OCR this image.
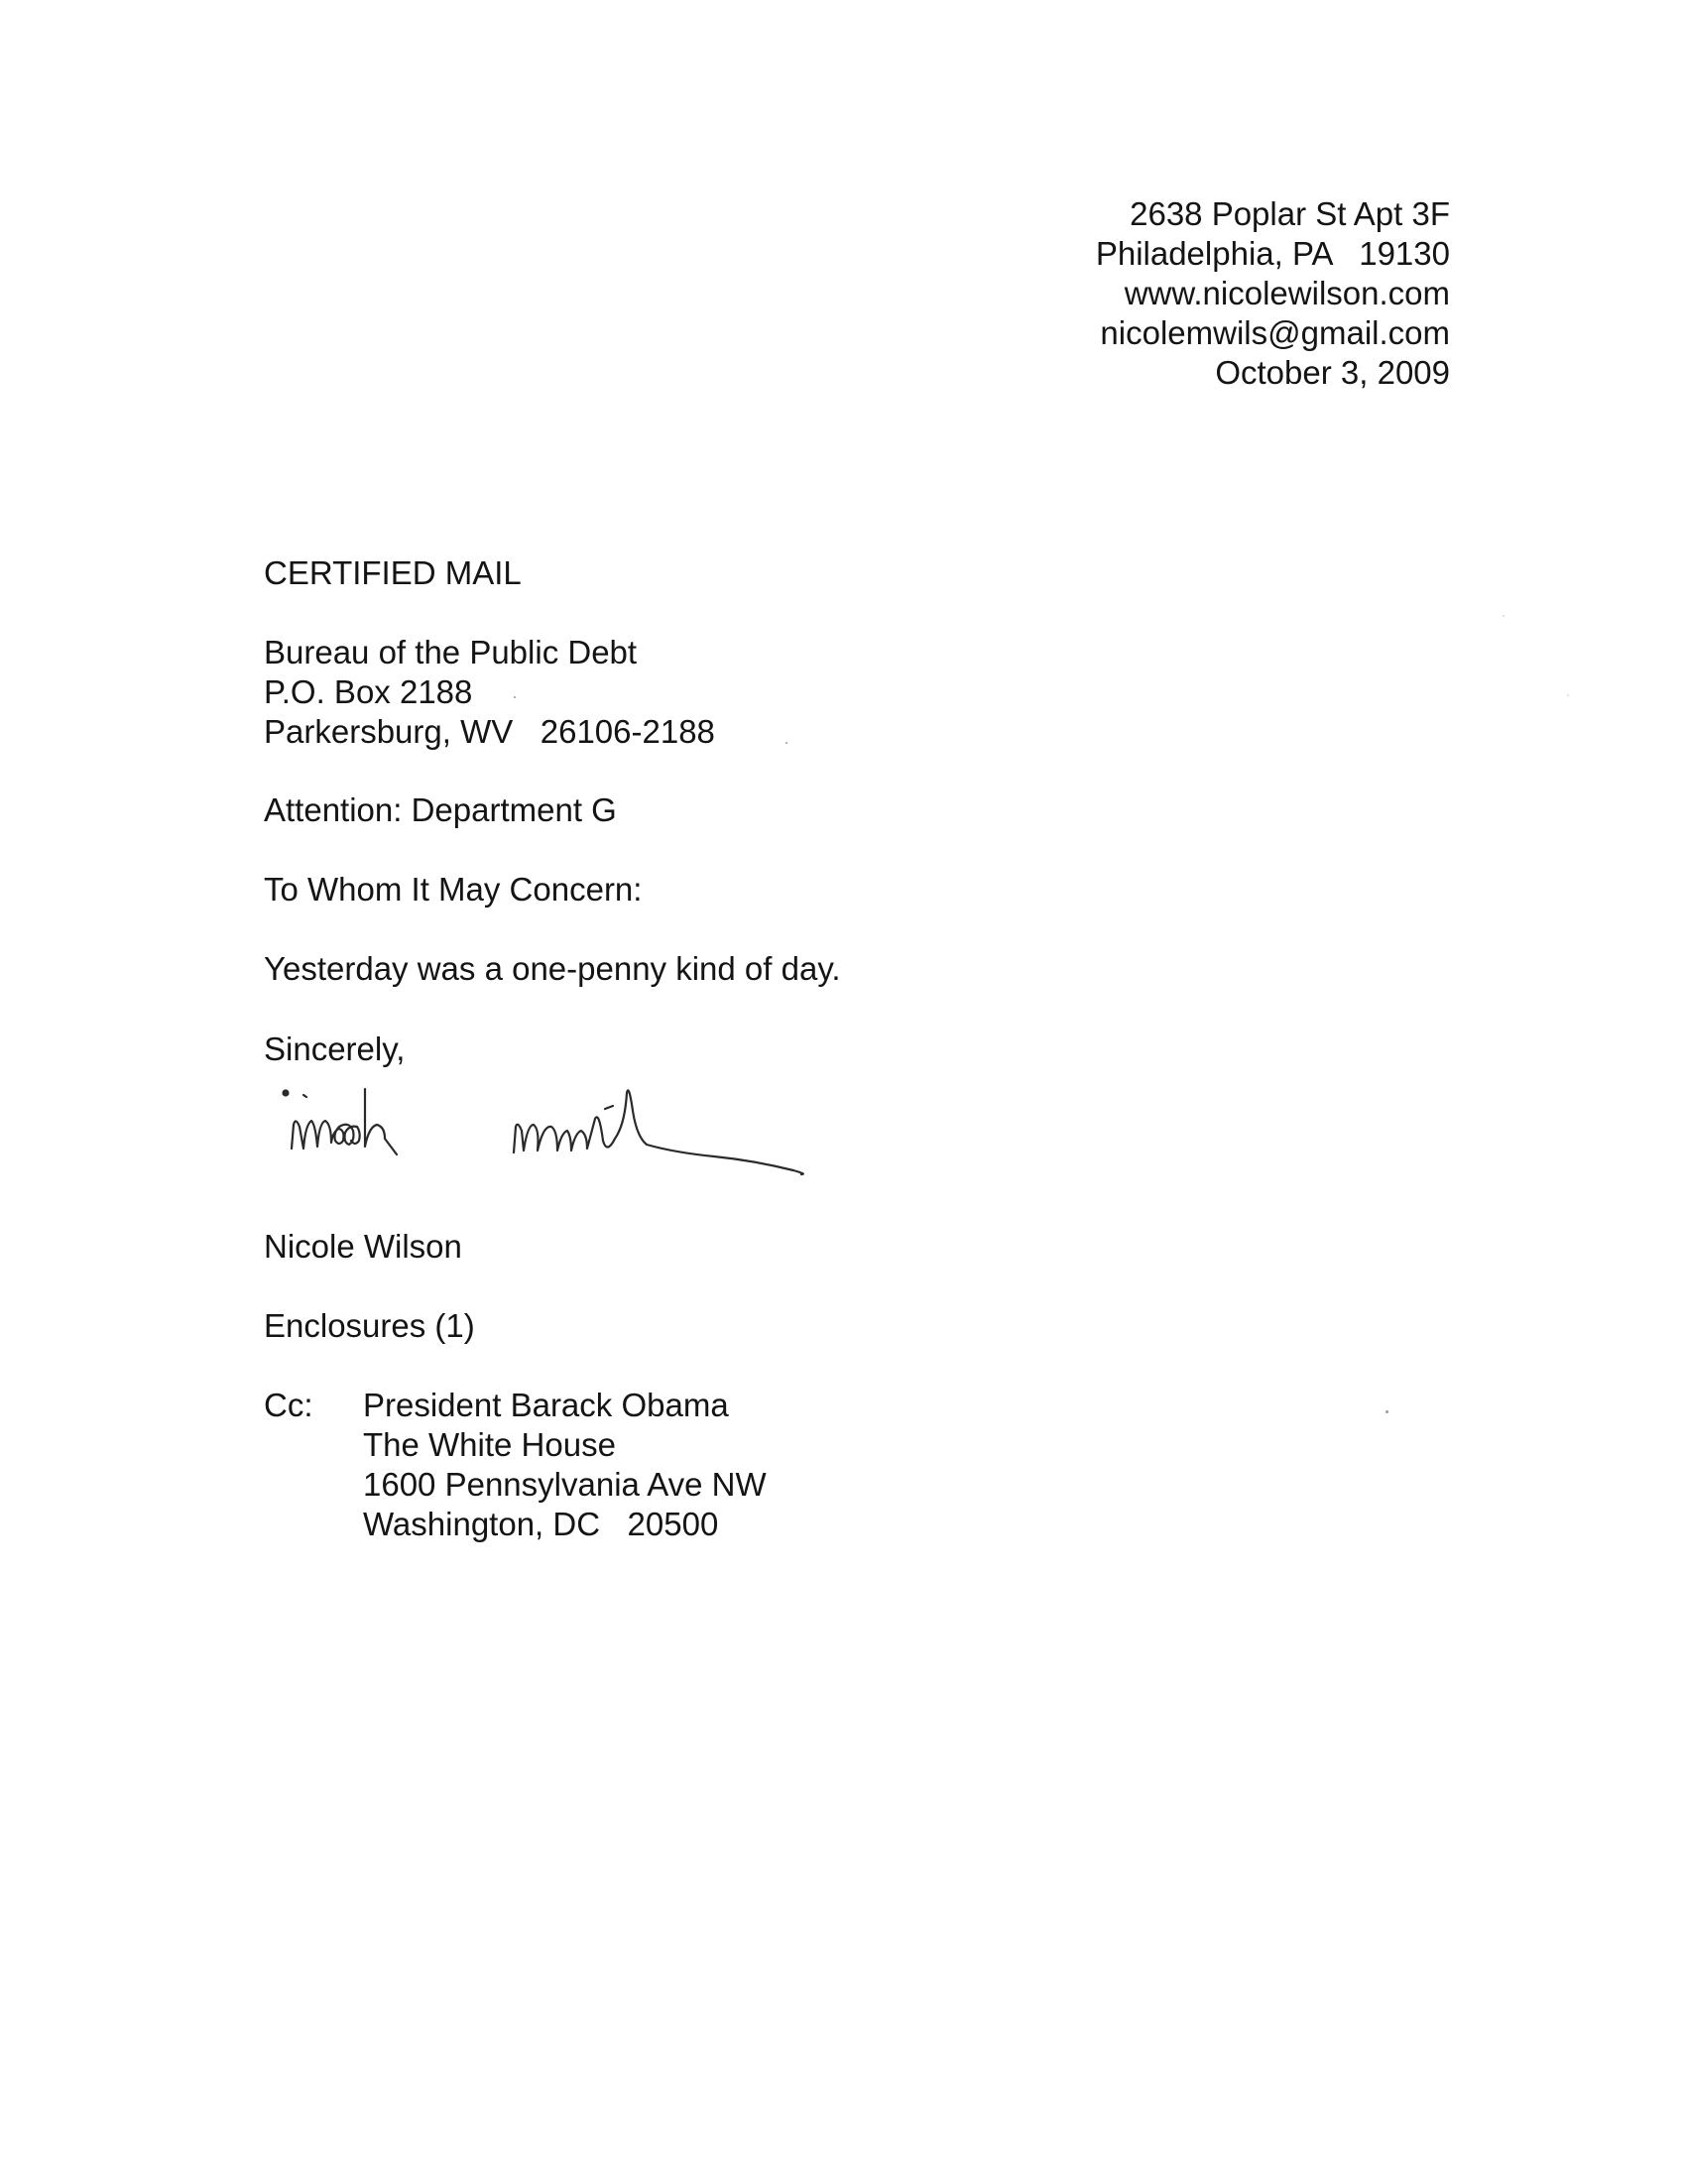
2638 Poplar St Apt 3F
Philadelphia, PA   19130
www.nicolewilson.com
nicolemwils@gmail.com
October 3, 2009
CERTIFIED MAIL
Bureau of the Public Debt
P.O. Box 2188
Parkersburg, WV   26106-2188
Attention: Department G
To Whom It May Concern:
Yesterday was a one-penny kind of day.
Sincerely,
Nicole Wilson
Enclosures (1)
Cc: President Barack Obama
The White House
1600 Pennsylvania Ave NW
Washington, DC   20500
